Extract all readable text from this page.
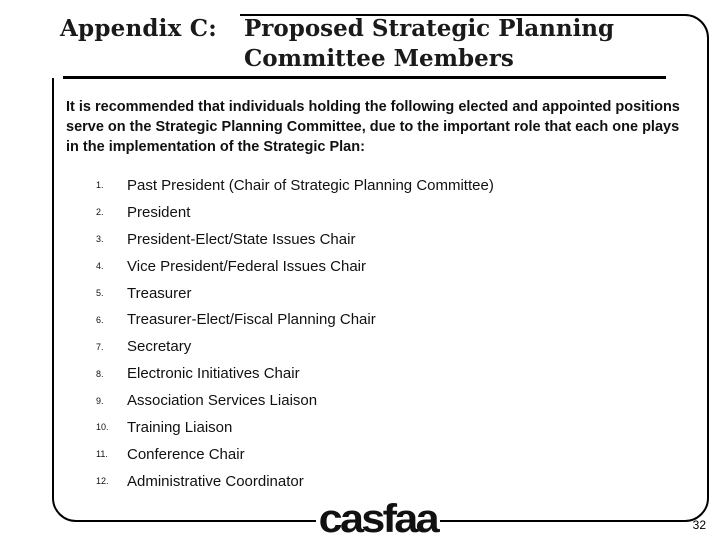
Appendix C: Proposed Strategic Planning
Committee Members
It is recommended that individuals holding the following elected and appointed positions serve on the Strategic Planning Committee, due to the important role that each one plays in the implementation of the Strategic Plan:
1.	Past President (Chair of Strategic Planning Committee)
2.	President
3.	President-Elect/State Issues Chair
4.	Vice President/Federal Issues Chair
5.	Treasurer
6.	Treasurer-Elect/Fiscal Planning Chair
7.	Secretary
8.	Electronic Initiatives Chair
9.	Association Services Liaison
10.	Training Liaison
11.	Conference Chair
12.	Administrative Coordinator
casfaa	32
